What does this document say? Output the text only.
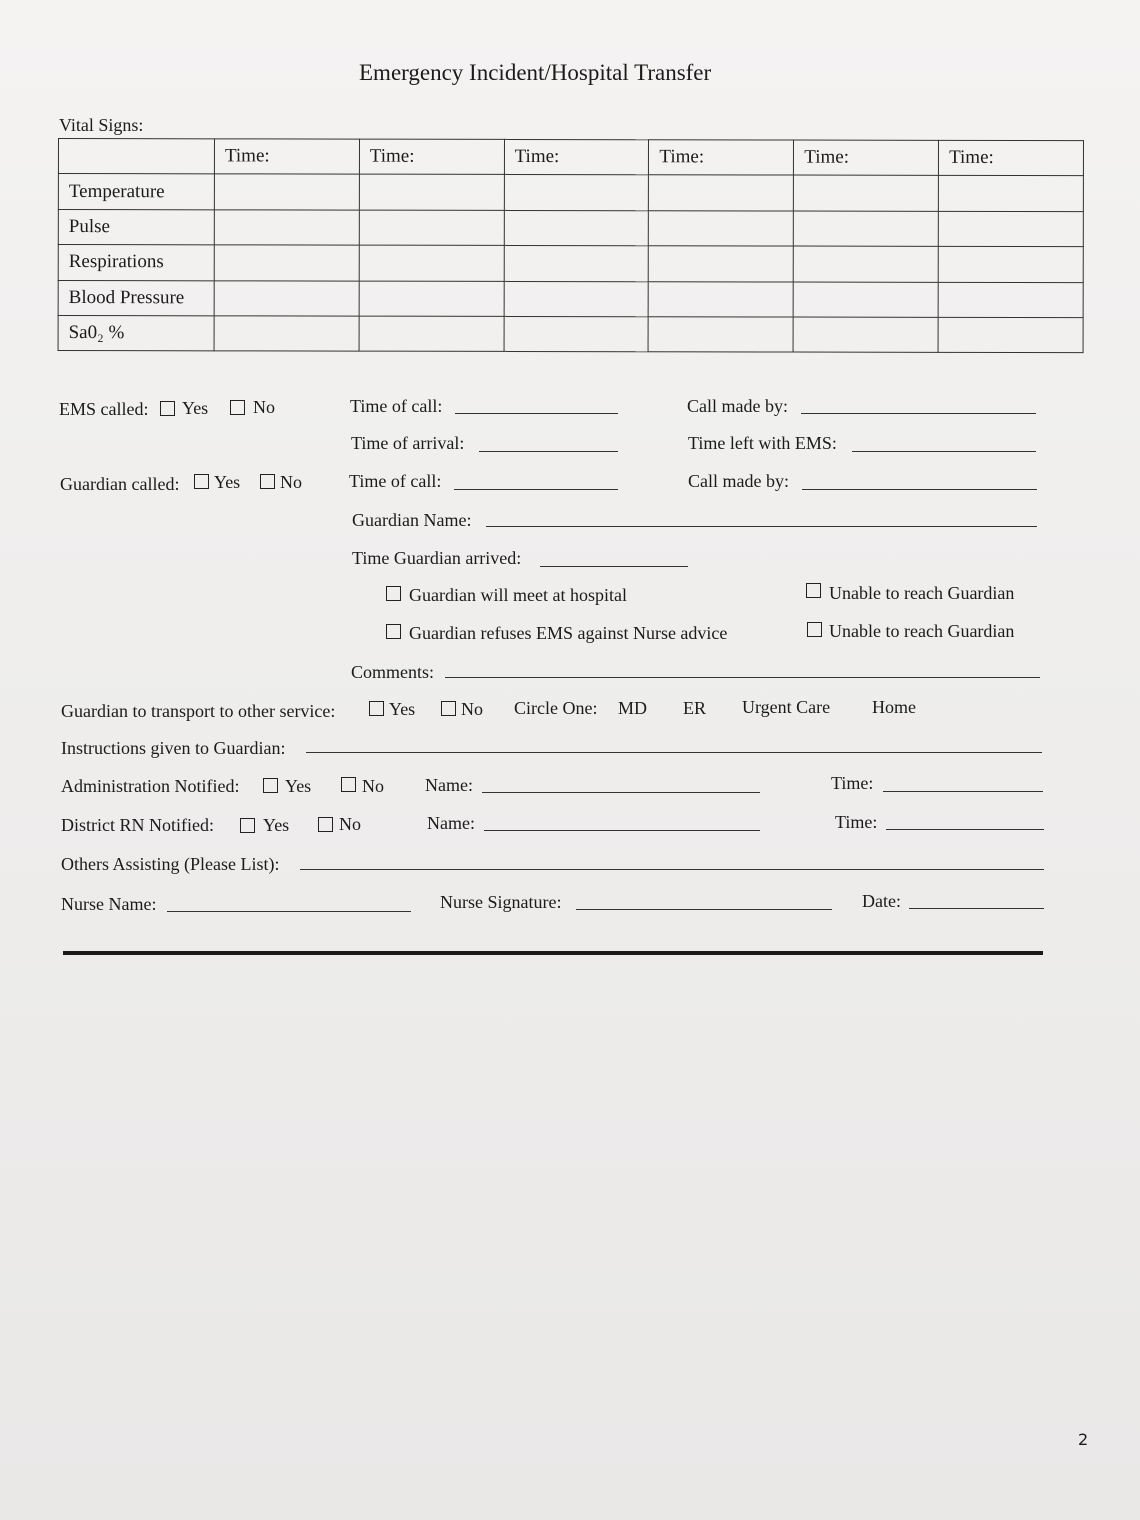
Emergency Incident/Hospital Transfer
Vital Signs:
	Time:	Time:	Time:	Time:	Time:	Time:
Temperature						
Pulse						
Respirations						
Blood Pressure						
Sa0₂ %						
EMS called: Yes No	Time of call:	Call made by:
Time of arrival:	Time left with EMS:
Guardian called: Yes No	Time of call:	Call made by:
Guardian Name:
Time Guardian arrived:
Guardian will meet at hospital	Unable to reach Guardian
Guardian refuses EMS against Nurse advice	Unable to reach Guardian
Comments:
Guardian to transport to other service:	Yes	No Circle One: MD ER Urgent Care Home
Instructions given to Guardian:
Administration Notified:	Yes	No Name:	Time:
District RN Notified:	Yes	No	Name:	Time:
Others Assisting (Please List):
Nurse Name:	Nurse Signature:	Date:
2
